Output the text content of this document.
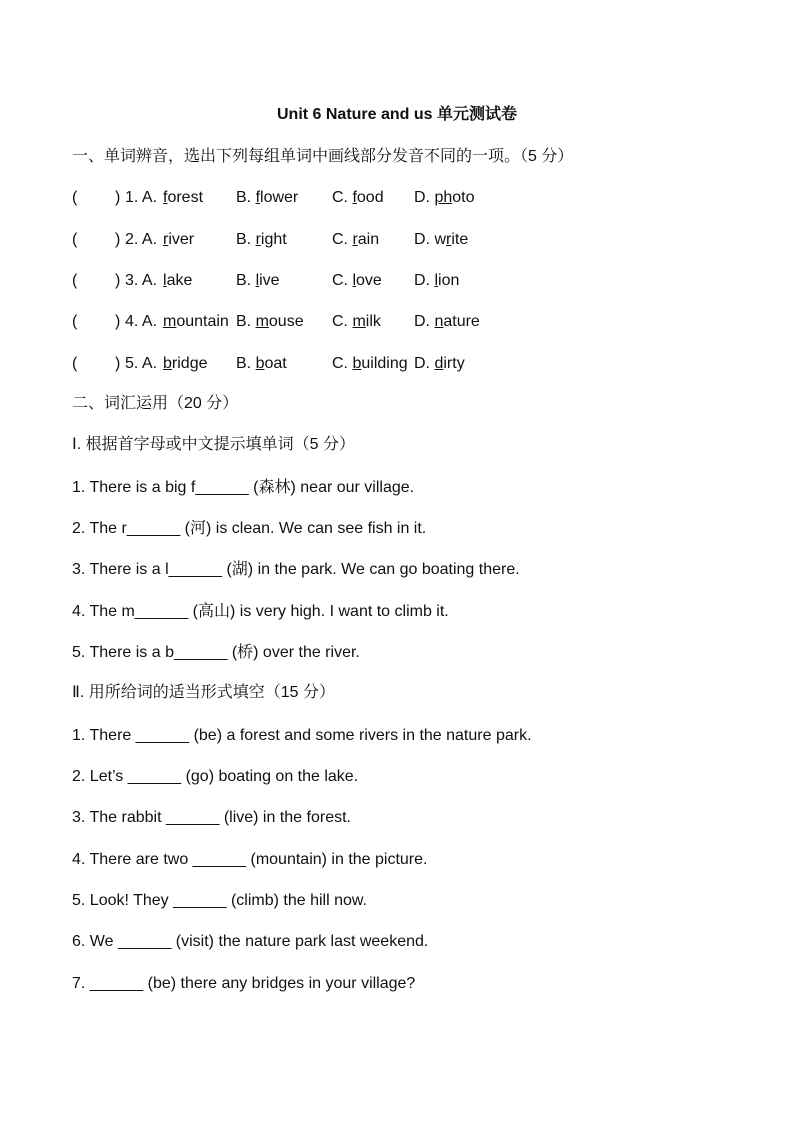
Unit 6 Nature and us 单元测试卷
一、单词辨音，选出下列每组单词中画线部分发音不同的一项。（5 分）
( ) 1. A. forest B. flower C. food D. photo
( ) 2. A. river	B. right	C. rain D. write
( ) 3. A. lake	B. live	C. love D. lion
( ) 4. A. mountain B. mouse C. milk D. nature
( ) 5. A. bridge B. boat	C. building D. dirty
二、词汇运用（20 分）
Ⅰ. 根据首字母或中文提示填单词（5 分）
1. There is a big f______ (森林) near our village.
2. The r______ (河) is clean. We can see fish in it.
3. There is a l______ (湖) in the park. We can go boating there.
4. The m______ (高山) is very high. I want to climb it.
5. There is a b______ (桥) over the river.
Ⅱ. 用所给词的适当形式填空（15 分）
1. There ______ (be) a forest and some rivers in the nature park.
2. Let’s ______ (go) boating on the lake.
3. The rabbit ______ (live) in the forest.
4. There are two ______ (mountain) in the picture.
5. Look! They ______ (climb) the hill now.
6. We ______ (visit) the nature park last weekend.
7. ______ (be) there any bridges in your village?
